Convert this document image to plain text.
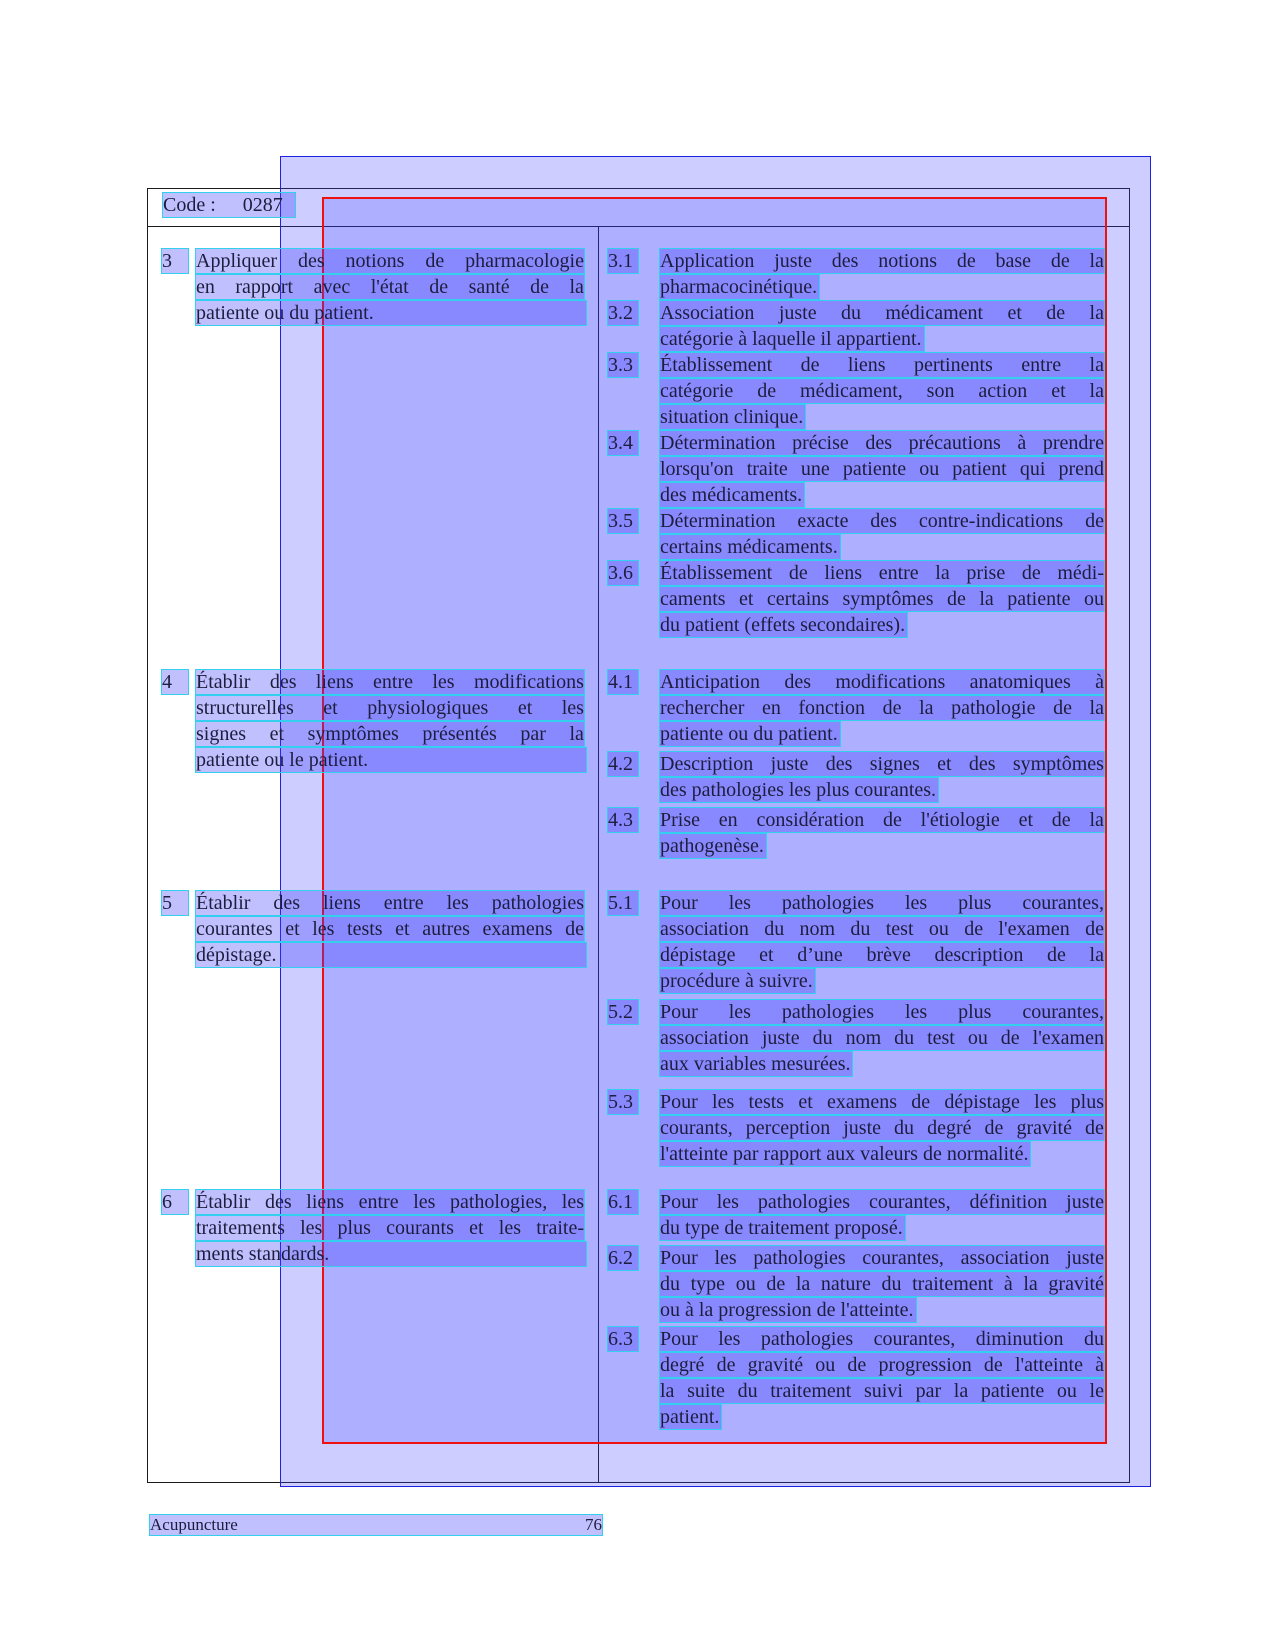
Code : 0287
3	Appliquer des notions de pharmacologie
en rapport avec l'état de santé de la
patiente ou du patient.
3.1 Application juste des notions de base de la
pharmacocinétique.
3.2 Association juste du médicament et de la
catégorie à laquelle il appartient.
3.3 Établissement de liens pertinents entre la
catégorie de médicament, son action et la
situation clinique.
3.4 Détermination précise des précautions à prendre
lorsqu'on traite une patiente ou patient qui prend
des médicaments.
3.5 Détermination exacte des contre-indications de
certains médicaments.
3.6 Établissement de liens entre la prise de médi-
caments et certains symptômes de la patiente ou
du patient (effets secondaires).
4	Établir des liens entre les modifications
structurelles et physiologiques et les
signes et symptômes présentés par la
patiente ou le patient.
4.1 Anticipation des modifications anatomiques à
rechercher en fonction de la pathologie de la
patiente ou du patient.
4.2 Description juste des signes et des symptômes
des pathologies les plus courantes.
4.3 Prise en considération de l'étiologie et de la
pathogenèse.
5	Établir des liens entre les pathologies
courantes et les tests et autres examens de
dépistage.
5.1 Pour les pathologies les plus courantes,
association du nom du test ou de l'examen de
dépistage et d’une brève description de la
procédure à suivre.
5.2 Pour les pathologies les plus courantes,
association juste du nom du test ou de l'examen
aux variables mesurées.
5.3 Pour les tests et examens de dépistage les plus
courants, perception juste du degré de gravité de
l'atteinte par rapport aux valeurs de normalité.
6	Établir des liens entre les pathologies, les
traitements les plus courants et les traite-
ments standards.
6.1 Pour les pathologies courantes, définition juste
du type de traitement proposé.
6.2 Pour les pathologies courantes, association juste
du type ou de la nature du traitement à la gravité
ou à la progression de l'atteinte.
6.3 Pour les pathologies courantes, diminution du
degré de gravité ou de progression de l'atteinte à
la suite du traitement suivi par la patiente ou le
patient.
Acupuncture	76
